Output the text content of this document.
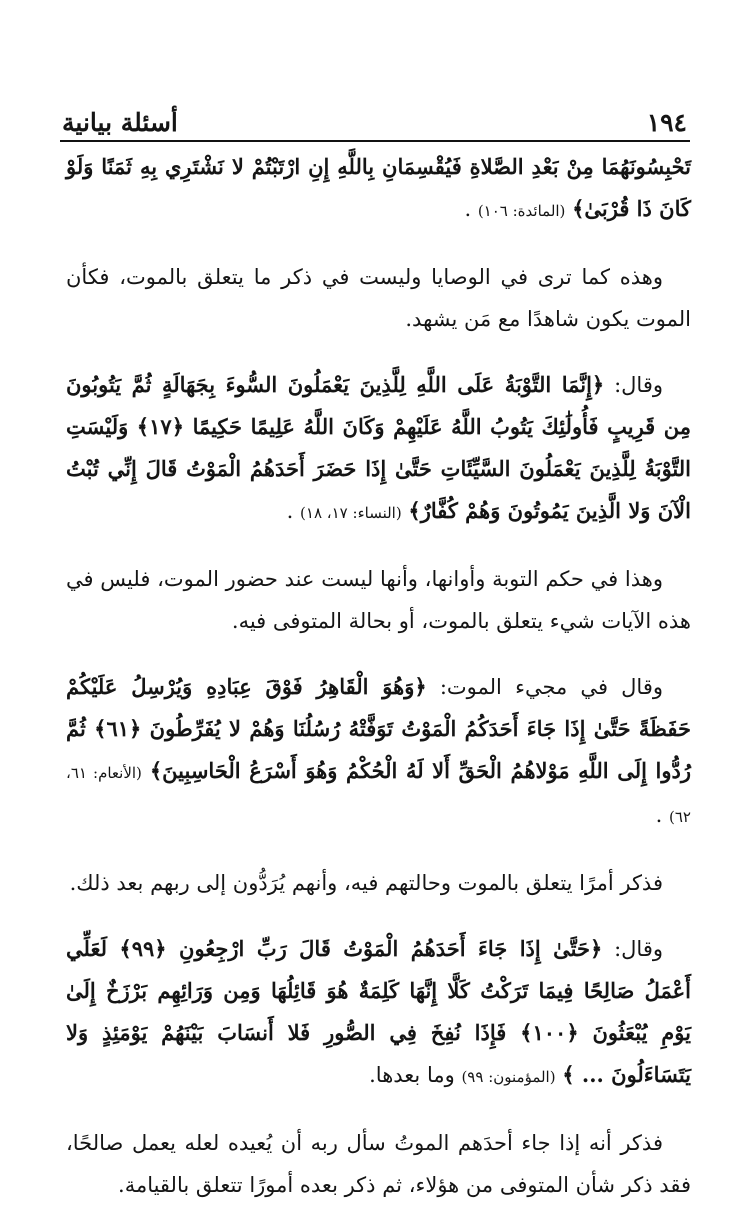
١٩٤
أسئلة بيانية

تَحْبِسُونَهُمَا مِنْ بَعْدِ الصَّلاةِ فَيُقْسِمَانِ بِاللَّهِ إِنِ ارْتَبْتُمْ لا نَشْتَرِي بِهِ ثَمَنًا وَلَوْ كَانَ ذَا قُرْبَىٰ﴾ (المائدة: ١٠٦) .

وهذه كما ترى في الوصايا وليست في ذكر ما يتعلق بالموت، فكأن الموت يكون شاهدًا مع مَن يشهد.

وقال: ﴿إِنَّمَا التَّوْبَةُ عَلَى اللَّهِ لِلَّذِينَ يَعْمَلُونَ السُّوءَ بِجَهَالَةٍ ثُمَّ يَتُوبُونَ مِن قَرِيبٍ فَأُولَٰئِكَ يَتُوبُ اللَّهُ عَلَيْهِمْ وَكَانَ اللَّهُ عَلِيمًا حَكِيمًا ﴿١٧﴾ وَلَيْسَتِ التَّوْبَةُ لِلَّذِينَ يَعْمَلُونَ السَّيِّئَاتِ حَتَّىٰ إِذَا حَضَرَ أَحَدَهُمُ الْمَوْتُ قَالَ إِنِّي تُبْتُ الْآنَ وَلا الَّذِينَ يَمُوتُونَ وَهُمْ كُفَّارٌ﴾ (النساء: ١٧، ١٨) .

وهذا في حكم التوبة وأوانها، وأنها ليست عند حضور الموت، فليس في هذه الآيات شيء يتعلق بالموت، أو بحالة المتوفى فيه.

وقال في مجيء الموت: ﴿وَهُوَ الْقَاهِرُ فَوْقَ عِبَادِهِ وَيُرْسِلُ عَلَيْكُمْ حَفَظَةً حَتَّىٰ إِذَا جَاءَ أَحَدَكُمُ الْمَوْتُ تَوَفَّتْهُ رُسُلُنَا وَهُمْ لا يُفَرِّطُونَ ﴿٦١﴾ ثُمَّ رُدُّوا إِلَى اللَّهِ مَوْلاهُمُ الْحَقِّ أَلا لَهُ الْحُكْمُ وَهُوَ أَسْرَعُ الْحَاسِبِينَ﴾ (الأنعام: ٦١، ٦٢) .

فذكر أمرًا يتعلق بالموت وحالتهم فيه، وأنهم يُرَدُّون إلى ربهم بعد ذلك.

وقال: ﴿حَتَّىٰ إِذَا جَاءَ أَحَدَهُمُ الْمَوْتُ قَالَ رَبِّ ارْجِعُونِ ﴿٩٩﴾ لَعَلِّي أَعْمَلُ صَالِحًا فِيمَا تَرَكْتُ كَلَّا إِنَّهَا كَلِمَةٌ هُوَ قَائِلُهَا وَمِن وَرَائِهِم بَرْزَخٌ إِلَىٰ يَوْمِ يُبْعَثُونَ ﴿١٠٠﴾ فَإِذَا نُفِخَ فِي الصُّورِ فَلا أَنسَابَ بَيْنَهُمْ يَوْمَئِذٍ وَلا يَتَسَاءَلُونَ ... ﴾ (المؤمنون: ٩٩) وما بعدها.

فذكر أنه إذا جاء أحدَهم الموتُ سأل ربه أن يُعيده لعله يعمل صالحًا، فقد ذكر شأن المتوفى من هؤلاء، ثم ذكر بعده أمورًا تتعلق بالقيامة.
